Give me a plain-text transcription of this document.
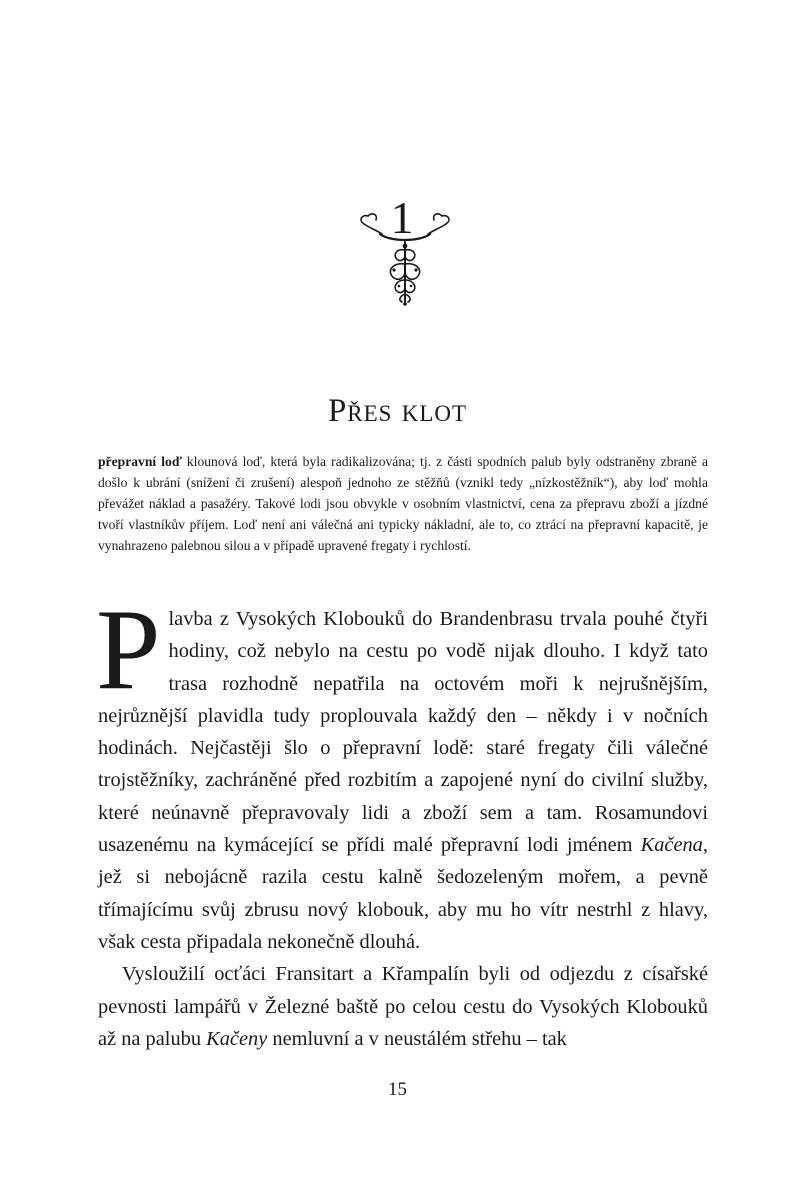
1
Přes klot
přepravní loď klounová loď, která byla radikalizována; tj. z části spodních palub byly odstraněny zbraně a došlo k ubrání (snížení či zrušení) alespoň jednoho ze stěžňů (vznikl tedy „nízkostěžník“), aby loď mohla převážet náklad a pasažéry. Takové lodi jsou obvykle v osobním vlastnictví, cena za přepravu zboží a jízdné tvoří vlastníkův příjem. Loď není ani válečná ani typicky nákladní, ale to, co ztrácí na přepravní kapacitě, je vynahrazeno palebnou silou a v případě upravené fregaty i rychlostí.

Plavba z Vysokých Klobouků do Brandenbrasu trvala pouhé čtyři hodiny, což nebylo na cestu po vodě nijak dlouho. I když tato trasa rozhodně nepatřila na octovém moři k nejrušnějším, nejrůznější plavidla tudy proplouvala každý den – někdy i v nočních hodinách. Nejčastěji šlo o přepravní lodě: staré fregaty čili válečné trojstěžníky, zachráněné před rozbitím a zapojené nyní do civilní služby, které neúnavně přepravovaly lidi a zboží sem a tam. Rosamundovi usazenému na kymácející se přídi malé přepravní lodi jménem Kačena, jež si nebojácně razila cestu kalně šedozeleným mořem, a pevně třímajícímu svůj zbrusu nový klobouk, aby mu ho vítr nestrhl z hlavy, však cesta připadala nekonečně dlouhá.

Vysloužilí ocťáci Fransitart a Křampalín byli od odjezdu z císařské pevnosti lampářů v Železné baště po celou cestu do Vysokých Klobouků až na palubu Kačeny nemluvní a v neustálém střehu – tak

15
